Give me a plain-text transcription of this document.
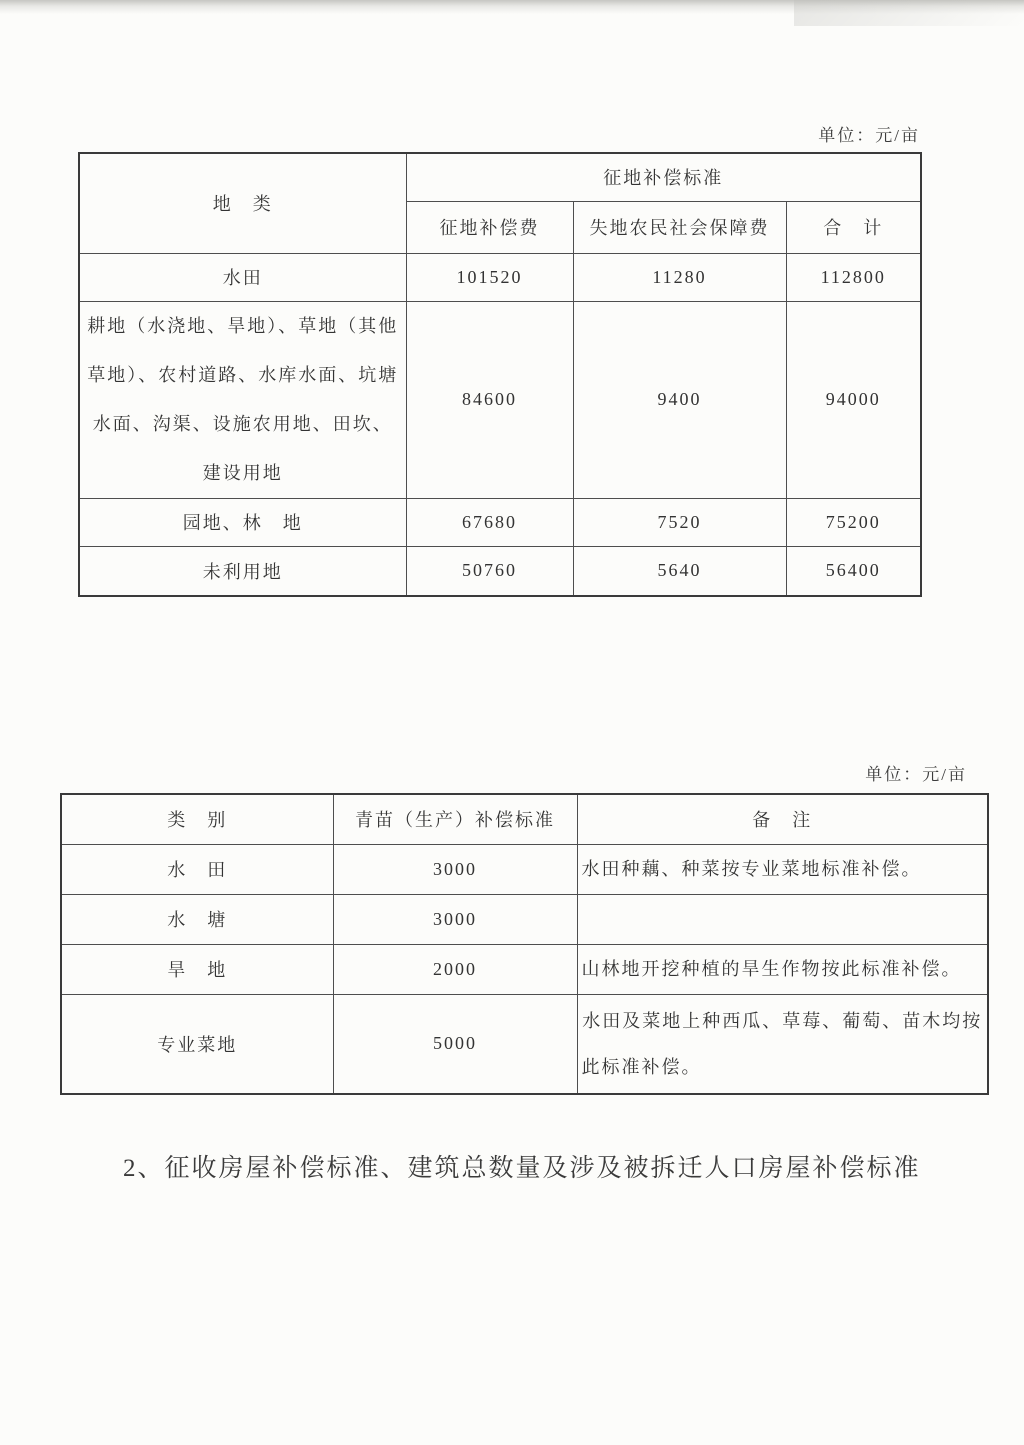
单位：元/亩
地　类	征地补偿标准		
	征地补偿费	失地农民社会保障费	合　计
水田	101520	11280	112800
耕地（水浇地、旱地）、草地（其他草地）、农村道路、水库水面、坑塘水面、沟渠、设施农用地、田坎、建设用地	84600	9400	94000
园地、林　地	67680	7520	75200
未利用地	50760	5640	56400
单位：元/亩
类　别	青苗（生产）补偿标准	备　注
水　田	3000	水田种藕、种菜按专业菜地标准补偿。
水　塘	3000	
旱　地	2000	山林地开挖种植的旱生作物按此标准补偿。
专业菜地	5000	水田及菜地上种西瓜、草莓、葡萄、苗木均按此标准补偿。
2、征收房屋补偿标准、建筑总数量及涉及被拆迁人口房屋补偿标准
